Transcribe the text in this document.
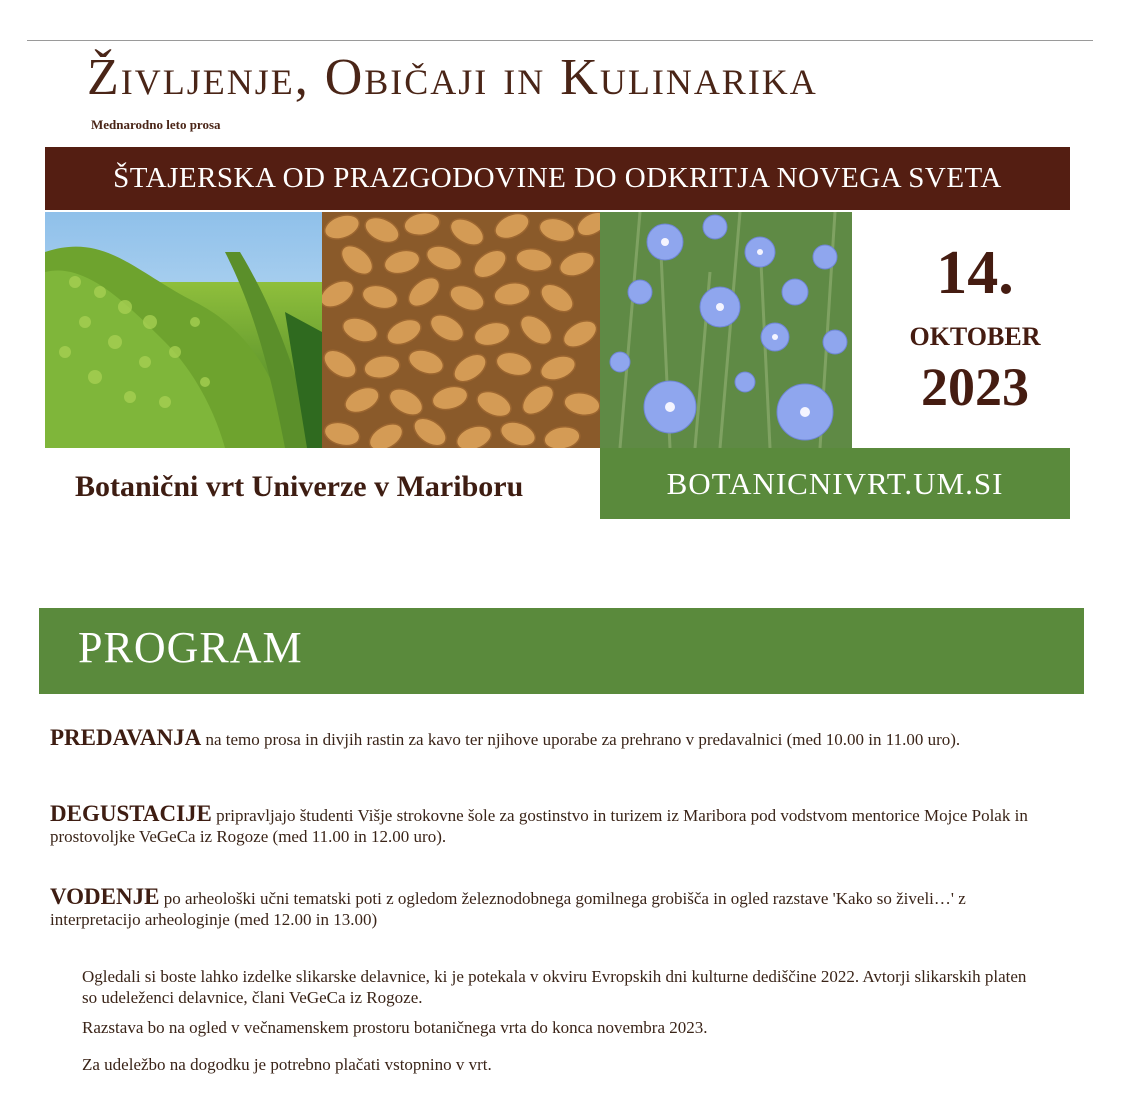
Življenje, Običaji in Kulinarika
Mednarodno leto prosa
ŠTAJERSKA OD PRAZGODOVINE DO ODKRITJA NOVEGA SVETA
14.
OKTOBER
2023
Botanični vrt Univerze v Mariboru	BOTANICNIVRT.UM.SI
PROGRAM
PREDAVANJA na temo prosa in divjih rastin za kavo ter njihove uporabe za prehrano v predavalnici (med 10.00 in 11.00 uro).
DEGUSTACIJE pripravljajo študenti Višje strokovne šole za gostinstvo in turizem iz Maribora pod vodstvom mentorice Mojce Polak in prostovoljke VeGeCa iz Rogoze (med 11.00 in 12.00 uro).
VODENJE po arheološki učni tematski poti z ogledom železnodobnega gomilnega grobišča in ogled razstave 'Kako so živeli…' z interpretacijo arheologinje (med 12.00 in 13.00)
Ogledali si boste lahko izdelke slikarske delavnice, ki je potekala v okviru Evropskih dni kulturne dediščine 2022. Avtorji slikarskih platen so udeleženci delavnice, člani VeGeCa iz Rogoze.
Razstava bo na ogled v večnamenskem prostoru botaničnega vrta do konca novembra 2023.
Za udeležbo na dogodku je potrebno plačati vstopnino v vrt.
